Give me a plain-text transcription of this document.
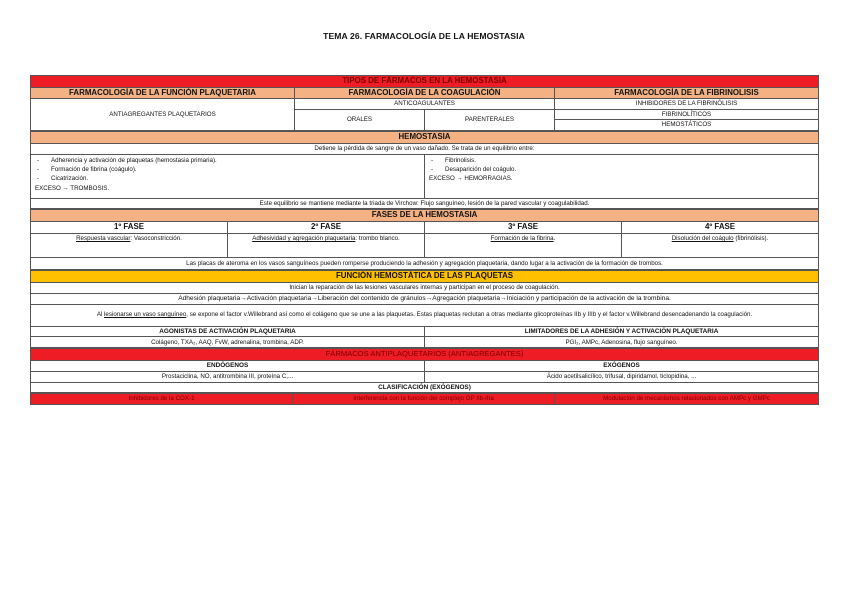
TEMA 26. FARMACOLOGÍA DE LA HEMOSTASIA
TIPOS DE FÁRMACOS EN LA HEMOSTASIA			
FARMACOLOGÍA DE LA FUNCIÓN PLAQUETARIA	FARMACOLOGÍA DE LA COAGULACIÓN		FARMACOLOGÍA DE LA FIBRINOLISIS
ANTIAGREGANTES PLAQUETARIOS	ANTICOAGULANTES		INHIBIDORES DE LA FIBRINÓLISIS
	ORALES	PARENTERALES	FIBRINOLÍTICOS
			HEMOSTÁTICOS
HEMOSTASIA
Detiene la pérdida de sangre de un vaso dañado. Se trata de un equilibrio entre:

- Adherencia y activación de plaquetas (hemostasia primaria).
- Formación de fibrina (coágulo).
- Cicatrización.
EXCESO → TROMBOSIS.

- Fibrinolisis.
- Desaparición del coágulo.
EXCESO → HEMORRAGIAS.

Este equilibrio se mantiene mediante la triada de Virchow: Flujo sanguíneo, lesión de la pared vascular y coagulabilidad.
FASES DE LA HEMOSTASIA			
1º FASE	2º FASE	3º FASE	4º FASE
Respuesta vascular: Vasoconstricción.	Adhesividad y agregación plaquetaria: trombo blanco.	Formación de la fibrina.	Disolución del coágulo (fibrinólisis).
Las placas de ateroma en los vasos sanguíneos pueden romperse produciendo la adhesión y agregación plaquetaria, dando lugar a la activación de la formación de trombos.			
FUNCIÓN HEMOSTÁTICA DE LAS PLAQUETAS	
Inician la reparación de las lesiones vasculares internas y participan en el proceso de coagulación.	
Adhesión plaquetaria→Activación plaquetaria→Liberación del contenido de gránulos→Agregación plaquetaria→Iniciación y participación de la activación de la trombina.	
Al lesionarse un vaso sanguíneo, se expone el factor v.Willebrand así como el colágeno que se une a las plaquetas. Estas plaquetas reclutan a otras mediante glicoproteínas IIb y IIIb y el factor v.Willebrand desencadenando la coagulación.	
AGONISTAS DE ACTIVACIÓN PLAQUETARIA	LIMITADORES DE LA ADHESIÓN Y ACTIVACIÓN PLAQUETARIA
Colágeno, TXA₂, AAQ, FvW, adrenalina, trombina, ADP.	PGI₂, AMPc, Adenosina, flujo sanguíneo.
FÁRMACOS ANTIPLAQUETARIOS (ANTIAGREGANTES)	
ENDÓGENOS	EXÓGENOS
Prostaciclina, NO, antitrombina III, proteína C,...	Ácido acetilsalicílico, trifusal, dipiridamol, ticlopidina, ...
CLASIFICACIÓN (EXÓGENOS)	
Inhibidores de la COX-1	Interferencia con la función del complejo GP IIb-IIIa	Modulación de mecanismos relacionados con AMPc y GMPc
